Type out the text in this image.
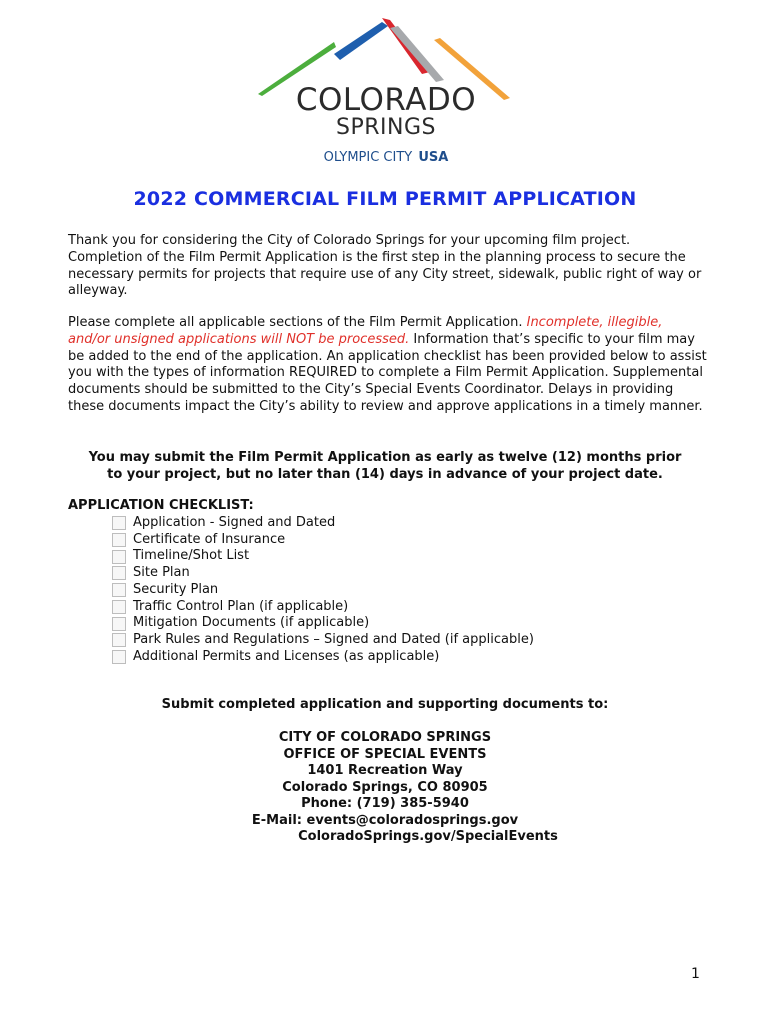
COLORADO
SPRINGS
OLYMPIC CITY USA
2022 COMMERCIAL FILM PERMIT APPLICATION
Thank you for considering the City of Colorado Springs for your upcoming film project. Completion of the Film Permit Application is the first step in the planning process to secure the necessary permits for projects that require use of any City street, sidewalk, public right of way or alleyway.
Please complete all applicable sections of the Film Permit Application. Incomplete, illegible, and/or unsigned applications will NOT be processed. Information that’s specific to your film may be added to the end of the application. An application checklist has been provided below to assist you with the types of information REQUIRED to complete a Film Permit Application. Supplemental documents should be submitted to the City’s Special Events Coordinator. Delays in providing these documents impact the City’s ability to review and approve applications in a timely manner.
You may submit the Film Permit Application as early as twelve (12) months prior
to your project, but no later than (14) days in advance of your project date.
APPLICATION CHECKLIST:
Application - Signed and Dated
Certificate of Insurance
Timeline/Shot List
Site Plan
Security Plan
Traffic Control Plan (if applicable)
Mitigation Documents (if applicable)
Park Rules and Regulations – Signed and Dated (if applicable)
Additional Permits and Licenses (as applicable)
Submit completed application and supporting documents to:
CITY OF COLORADO SPRINGS
OFFICE OF SPECIAL EVENTS
1401 Recreation Way
Colorado Springs, CO 80905
Phone: (719) 385-5940
E-Mail: events@coloradosprings.gov
ColoradoSprings.gov/SpecialEvents
1
